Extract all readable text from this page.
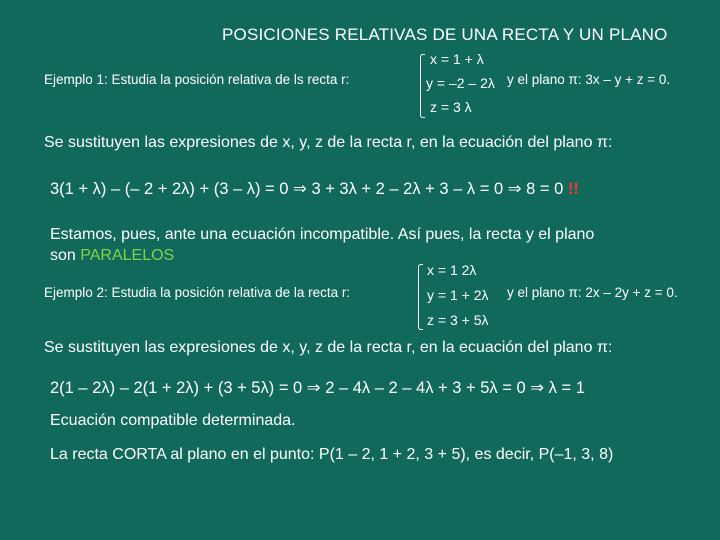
POSICIONES RELATIVAS DE UNA RECTA Y UN PLANO
Ejemplo 1: Estudia la posición relativa de ls recta r:
x = 1 + λ
y = –2 – 2λ
z = 3 λ
y el plano π: 3x – y + z = 0.
Se sustituyen las expresiones de x, y, z de la recta r, en la ecuación del plano π:
3(1 + λ) – (– 2 + 2λ) + (3 – λ) = 0 ⇒ 3 + 3λ + 2 – 2λ + 3 – λ = 0 ⇒ 8 = 0 !!
Estamos, pues, ante una ecuación incompatible. Así pues, la recta y el plano
son PARALELOS
Ejemplo 2: Estudia la posición relativa de la recta r:
x = 1 2λ
y = 1 + 2λ
z = 3 + 5λ
y el plano π: 2x – 2y + z = 0.
Se sustituyen las expresiones de x, y, z de la recta r, en la ecuación del plano π:
2(1 – 2λ) – 2(1 + 2λ) + (3 + 5λ) = 0 ⇒ 2 – 4λ – 2 – 4λ + 3 + 5λ = 0 ⇒ λ = 1
Ecuación compatible determinada.
La recta CORTA al plano en el punto: P(1 – 2, 1 + 2, 3 + 5), es decir, P(–1, 3, 8)
